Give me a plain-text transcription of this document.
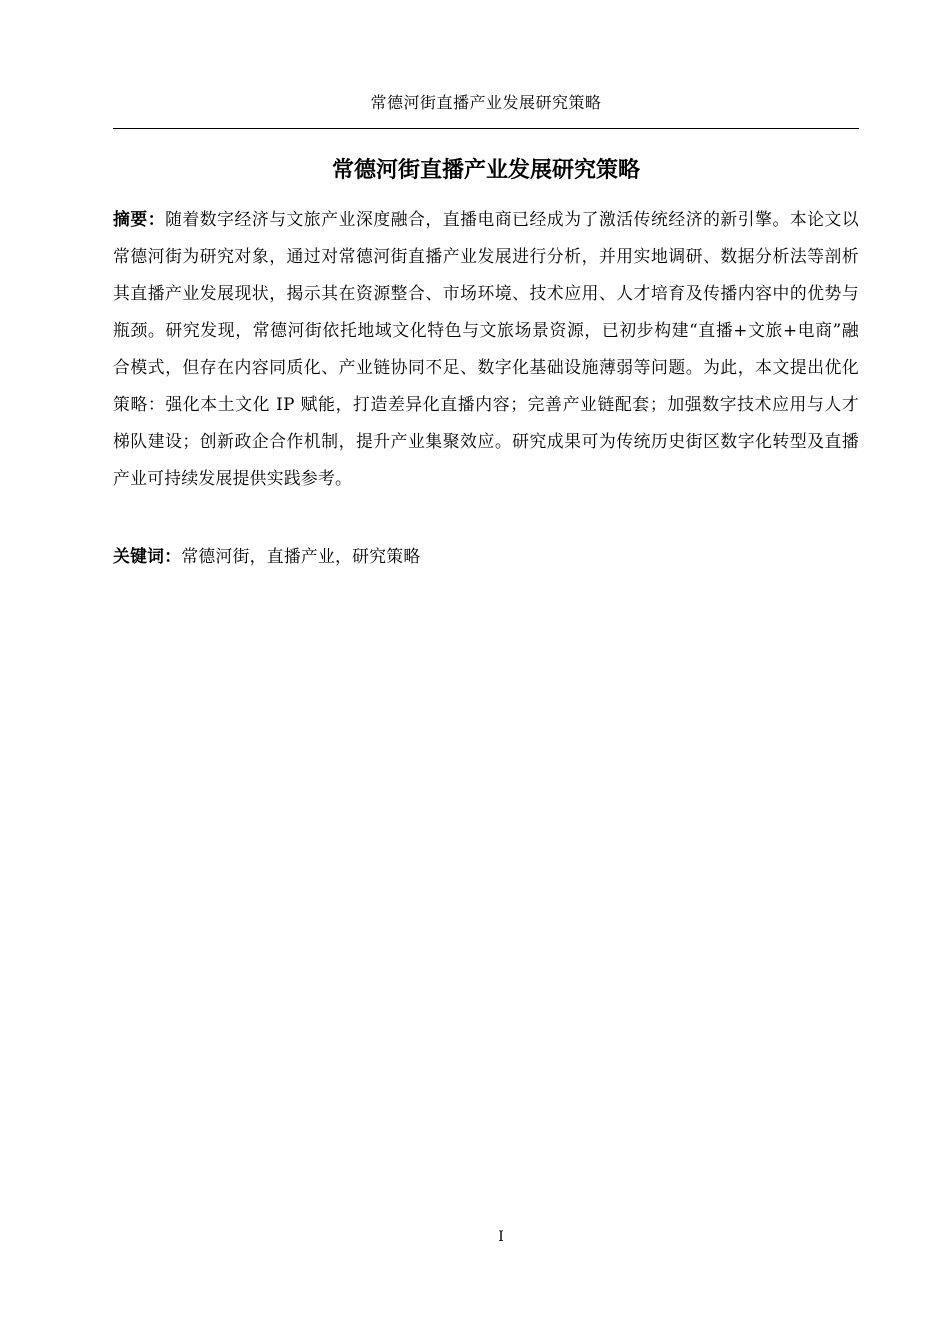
常德河街直播产业发展研究策略
常德河街直播产业发展研究策略

摘要：随着数字经济与文旅产业深度融合，直播电商已经成为了激活传统经济的新引擎。本论文以常德河街为研究对象，通过对常德河街直播产业发展进行分析，并用实地调研、数据分析法等剖析其直播产业发展现状，揭示其在资源整合、市场环境、技术应用、人才培育及传播内容中的优势与瓶颈。研究发现，常德河街依托地域文化特色与文旅场景资源，已初步构建“直播+文旅+电商”融合模式，但存在内容同质化、产业链协同不足、数字化基础设施薄弱等问题。为此，本文提出优化策略：强化本土文化 IP 赋能，打造差异化直播内容；完善产业链配套；加强数字技术应用与人才梯队建设；创新政企合作机制，提升产业集聚效应。研究成果可为传统历史街区数字化转型及直播产业可持续发展提供实践参考。

关键词：常德河街，直播产业，研究策略

I
